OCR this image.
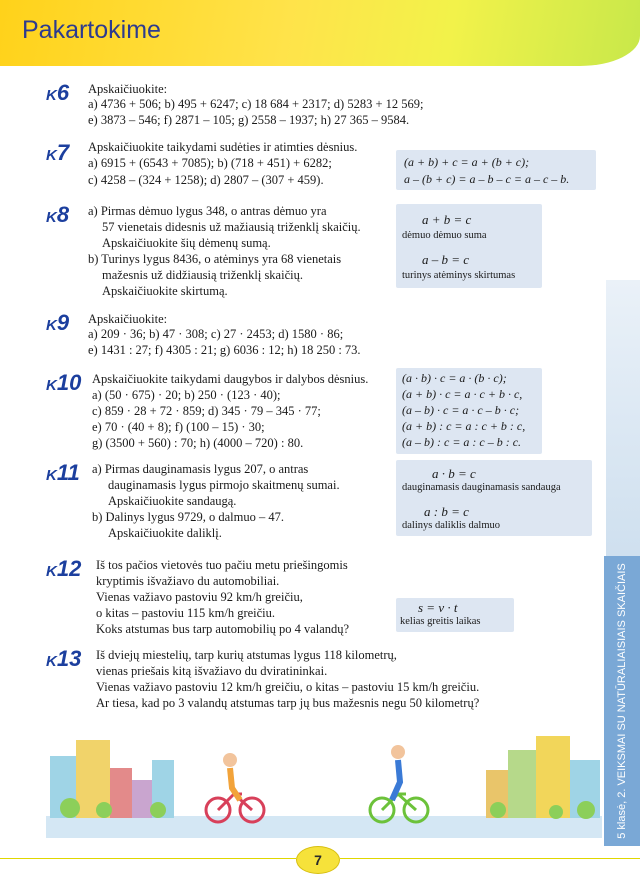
Pakartokime
5 klasė, 2. VEIKSMAI SU NATŪRALIAISIAIS SKAIČIAIS
K6	Apskaičiuokite:
a) 4736 + 506; b) 495 + 6247; c) 18 684 + 2317; d) 5283 + 12 569;
e) 3873 – 546; f) 2871 – 105; g) 2558 – 1937; h) 27 365 – 9584.
K7	Apskaičiuokite taikydami sudėties ir atimties dėsnius.
a) 6915 + (6543 + 7085); b) (718 + 451) + 6282;
c) 4258 – (324 + 1258); d) 2807 – (307 + 459).
(a + b) + c = a + (b + c);
a – (b + c) = a – b – c = a – c – b.
K8	a) Pirmas dėmuo lygus 348, o antras dėmuo yra
57 vienetais didesnis už mažiausią triženklį skaičių.
Apskaičiuokite šių dėmenų sumą.
b) Turinys lygus 8436, o atėminys yra 68 vienetais
mažesnis už didžiausią triženklį skaičių.
Apskaičiuokite skirtumą.
a + b = c
dėmuo dėmuo suma
a – b = c
turinys atėminys skirtumas
K9	Apskaičiuokite:
a) 209 · 36; b) 47 · 308; c) 27 · 2453; d) 1580 · 86;
e) 1431 : 27; f) 4305 : 21; g) 6036 : 12; h) 18 250 : 73.
K10 Apskaičiuokite taikydami daugybos ir dalybos dėsnius.
a) (50 · 675) · 20; b) 250 · (123 · 40);
c) 859 · 28 + 72 · 859; d) 345 · 79 – 345 · 77;
e) 70 · (40 + 8); f) (100 – 15) · 30;
g) (3500 + 560) : 70; h) (4000 – 720) : 80.
(a · b) · c = a · (b · c);
(a + b) · c = a · c + b · c,
(a – b) · c = a · c – b · c;
(a + b) : c = a : c + b : c,
(a – b) : c = a : c – b : c.
K11 a) Pirmas dauginamasis lygus 207, o antras
dauginamasis lygus pirmojo skaitmenų sumai.
Apskaičiuokite sandaugą.
b) Dalinys lygus 9729, o dalmuo – 47.
Apskaičiuokite daliklį.
a · b = c
dauginamasis dauginamasis sandauga
a : b = c
dalinys daliklis dalmuo
K12	Iš tos pačios vietovės tuo pačiu metu priešingomis
kryptimis išvažiavo du automobiliai.
Vienas važiavo pastoviu 92 km/h greičiu,
o kitas – pastoviu 115 km/h greičiu.
Koks atstumas bus tarp automobilių po 4 valandų?
s = v · t
kelias greitis laikas
K13	Iš dviejų miestelių, tarp kurių atstumas lygus 118 kilometrų,
vienas priešais kitą išvažiavo du dviratininkai.
Vienas važiavo pastoviu 12 km/h greičiu, o kitas – pastoviu 15 km/h greičiu.
Ar tiesa, kad po 3 valandų atstumas tarp jų bus mažesnis negu 50 kilometrų?
7
